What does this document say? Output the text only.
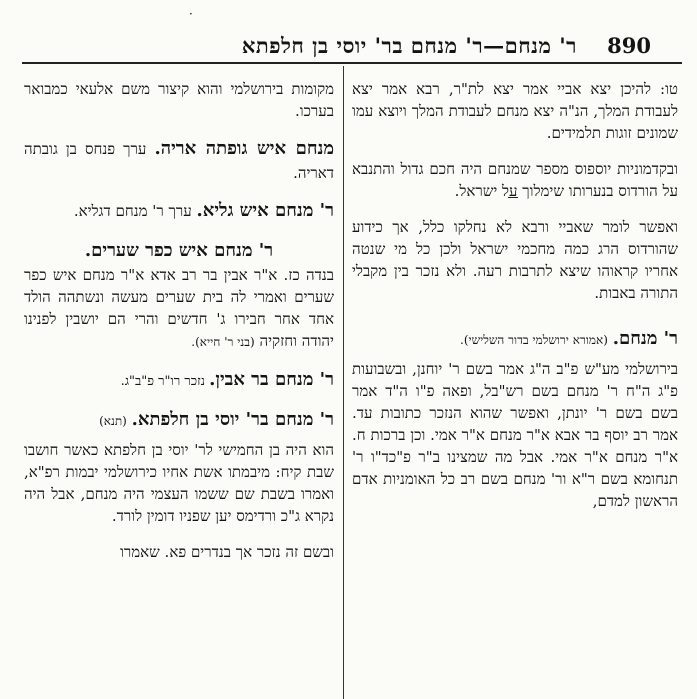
·
ר' מנחם—ר' מנחם בר' יוסי בן חלפתא 890

טו: להיכן יצא אביי אמר יצא לת"ר, רבא אמר יצא לעבודת המלך, הנ"ה יצא מנחם לעבודת המלך ויוצא עמו שמונים זוגות תלמידים.

ובקדמוניות יוספוס מספר שמנחם היה חכם גדול והתנבא על הורדוס בנערותו שימלוך על ישראל.

ואפשר לומר שאביי ורבא לא נחלקו כלל, אך כידוע שהורדוס הרג כמה מחכמי ישראל ולכן כל מי שנטה אחריו קראוהו שיצא לתרבות רעה. ולא נזכר בין מקבלי התורה באבות.

ר' מנחם. (אמורא ירושלמי בדור השלישי).

בירושלמי מע"ש פ"ב ה"ג אמר בשם ר' יוחנן, ובשבועות פ"ג ה"ח ר' מנחם בשם רש"בל, ופאה פ"ו ה"ד אמר בשם בשם ר' יונתן, ואפשר שהוא הנזכר כתובות עד. אמר רב יוסף בר אבא א"ר מנחם א"ר אמי. וכן ברכות ח. א"ר מנחם א"ר אמי. אבל מה שמצינו ב"ר פ"כד"ו ר' תנחומא בשם ר"א ור' מנחם בשם רב כל האומניות אדם הראשון למדם,

מקומות בירושלמי והוא קיצור משם אלעאי כמבואר בערכו.

מנחם איש גופתה אריה. ערך פנחס בן גובתה דאריה.

ר' מנחם איש גליא. ערך ר' מנחם דגליא.

ר' מנחם איש כפר שערים.

בנדה כז. א"ר אבין בר רב אדא א"ר מנחם איש כפר שערים ואמרי לה בית שערים מעשה ונשתהה הולד אחד אחר חבירו ג' חדשים והרי הם יושבין לפנינו יהודה וחזקיה (בני ר' חייא).

ר' מנחם בר אבין. נזכר רו"ר פ"ב"ג.

ר' מנחם בר' יוסי בן חלפתא. (תנא)

הוא היה בן החמישי לר' יוסי בן חלפתא כאשר חושבו שבת קיח: מיבמתו אשת אחיו כירושלמי יבמות רפ"א, ואמרו בשבת שם ששמו העצמי היה מנחם, אבל היה נקרא ג"כ ורדימס יען שפניו דומין לורד.

ובשם זה נזכר אך בנדרים פא. שאמרו
